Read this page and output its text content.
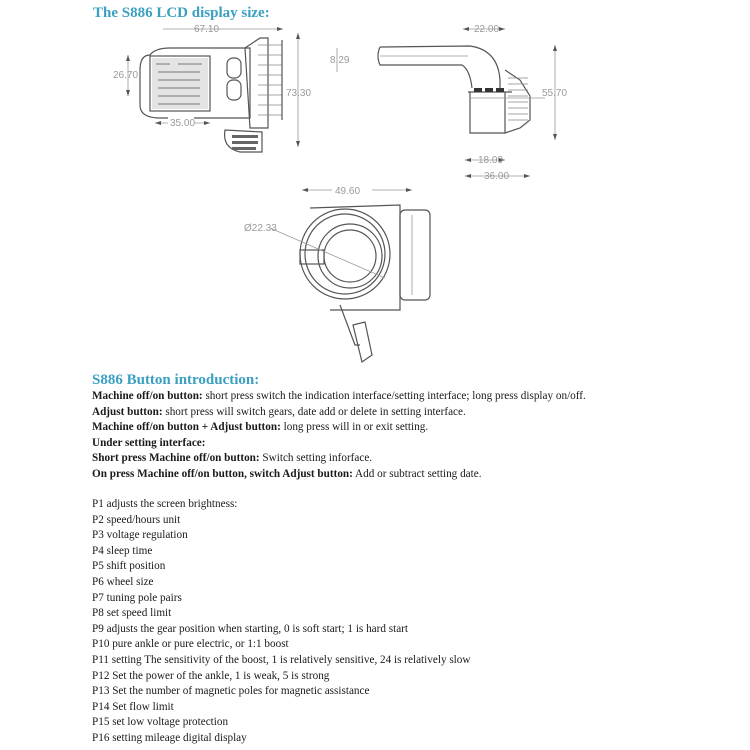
The S886 LCD display size:
67.10
26.70
35.00
73.30
22.00
8.29
55.70
18.00
36.00
49.60
Ø22.33
S886 Button introduction:
Machine off/on button: short press switch the indication interface/setting interface; long press display on/off.
Adjust button: short press will switch gears, date add or delete in setting interface.
Machine off/on button + Adjust button: long press will in or exit setting.
Under setting interface:
Short press Machine off/on button: Switch setting inforface.
On press Machine off/on button, switch Adjust button: Add or subtract setting date.
P1 adjusts the screen brightness:
P2 speed/hours unit
P3 voltage regulation
P4 sleep time
P5 shift position
P6 wheel size
P7 tuning pole pairs
P8 set speed limit
P9 adjusts the gear position when starting, 0 is soft start; 1 is hard start
P10 pure ankle or pure electric, or 1:1 boost
P11 setting The sensitivity of the boost, 1 is relatively sensitive, 24 is relatively slow
P12 Set the power of the ankle, 1 is weak, 5 is strong
P13 Set the number of magnetic poles for magnetic assistance
P14 Set flow limit
P15 set low voltage protection
P16 setting mileage digital display
